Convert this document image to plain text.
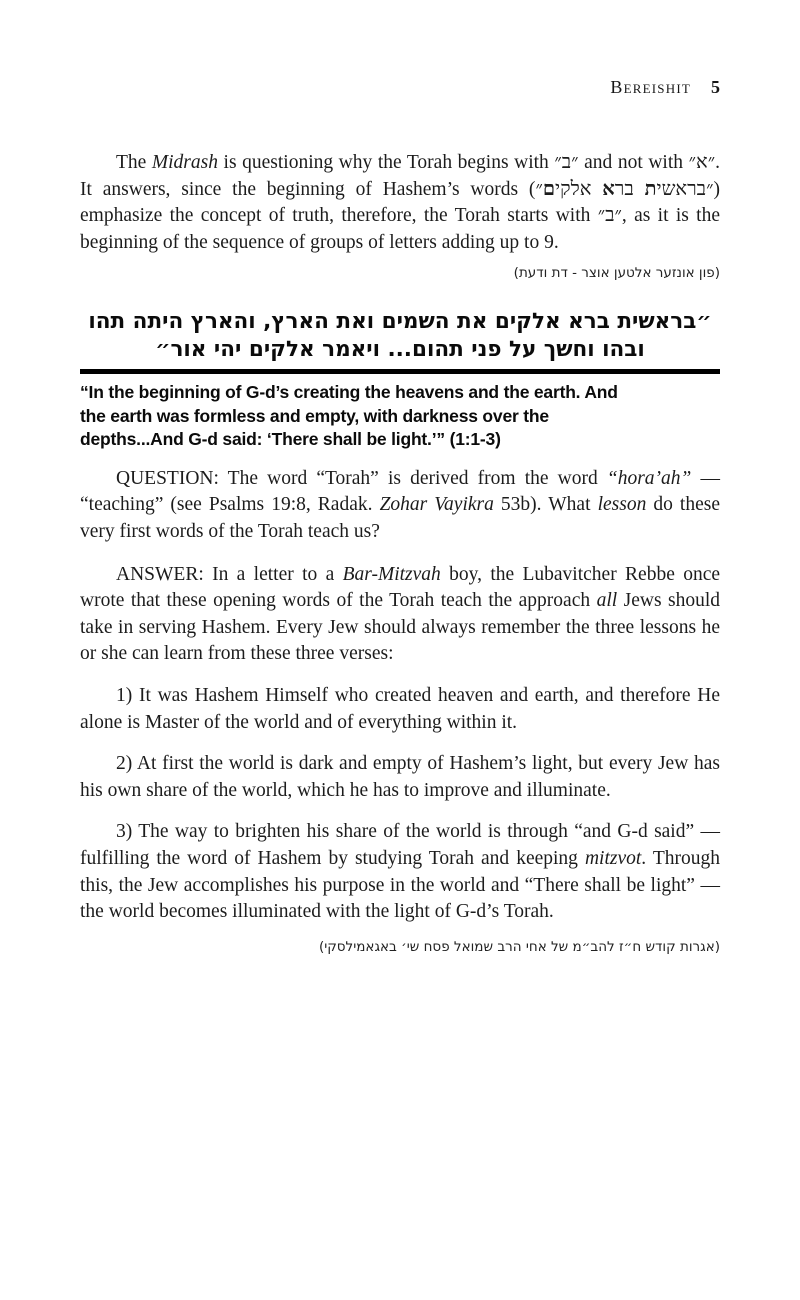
Bereishit 5

The Midrash is questioning why the Torah begins with ״ב״ and not with ״א״. It answers, since the beginning of Hashem’s words (״בראשית ברא אלקים״) emphasize the concept of truth, therefore, the Torah starts with ״ב״, as it is the beginning of the sequence of groups of letters adding up to 9.

(פון אונזער אלטען אוצר - דת ודעת)
״בראשית ברא אלקים את השמים ואת הארץ, והארץ היתה תהו
ובהו וחשך על פני תהום... ויאמר אלקים יהי אור״
“In the beginning of G-d’s creating the heavens and the earth. And
the earth was formless and empty, with darkness over the
depths...And G-d said: ‘There shall be light.’” (1:1-3)

QUESTION: The word “Torah” is derived from the word “hora’ah” — “teaching” (see Psalms 19:8, Radak. Zohar Vayikra 53b). What lesson do these very first words of the Torah teach us?

ANSWER: In a letter to a Bar-Mitzvah boy, the Lubavitcher Rebbe once wrote that these opening words of the Torah teach the approach all Jews should take in serving Hashem. Every Jew should always remember the three lessons he or she can learn from these three verses:

1) It was Hashem Himself who created heaven and earth, and therefore He alone is Master of the world and of everything within it.

2) At first the world is dark and empty of Hashem’s light, but every Jew has his own share of the world, which he has to improve and illuminate.

3) The way to brighten his share of the world is through “and G-d said” — fulfilling the word of Hashem by studying Torah and keeping mitzvot. Through this, the Jew accomplishes his purpose in the world and “There shall be light” — the world becomes illuminated with the light of G-d’s Torah.

(אגרות קודש ח״ז להב״מ של אחי הרב שמואל פסח שי׳ באגאמילסקי)
